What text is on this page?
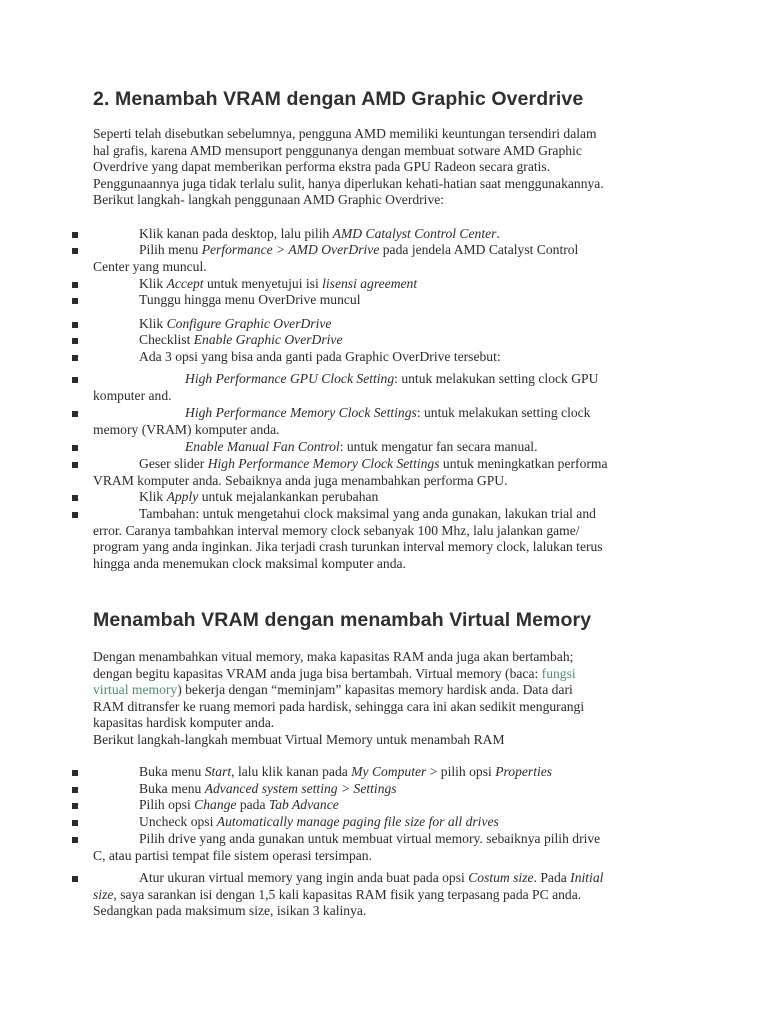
2. Menambah VRAM dengan AMD Graphic Overdrive
Seperti telah disebutkan sebelumnya, pengguna AMD memiliki keuntungan tersendiri dalam
hal grafis, karena AMD mensuport penggunanya dengan membuat sotware AMD Graphic
Overdrive yang dapat memberikan performa ekstra pada GPU Radeon secara gratis.
Penggunaannya juga tidak terlalu sulit, hanya diperlukan kehati-hatian saat menggunakannya.
Berikut langkah- langkah penggunaan AMD Graphic Overdrive:
Klik kanan pada desktop, lalu pilih AMD Catalyst Control Center.
Pilih menu Performance > AMD OverDrive pada jendela AMD Catalyst Control
Center yang muncul.
Klik Accept untuk menyetujui isi lisensi agreement
Tunggu hingga menu OverDrive muncul
Klik Configure Graphic OverDrive
Checklist Enable Graphic OverDrive
Ada 3 opsi yang bisa anda ganti pada Graphic OverDrive tersebut:
High Performance GPU Clock Setting: untuk melakukan setting clock GPU
komputer and.
High Performance Memory Clock Settings: untuk melakukan setting clock
memory (VRAM) komputer anda.
Enable Manual Fan Control: untuk mengatur fan secara manual.
Geser slider High Performance Memory Clock Settings untuk meningkatkan performa
VRAM komputer anda. Sebaiknya anda juga menambahkan performa GPU.
Klik Apply untuk mejalankankan perubahan
Tambahan: untuk mengetahui clock maksimal yang anda gunakan, lakukan trial and
error. Caranya tambahkan interval memory clock sebanyak 100 Mhz, lalu jalankan game/
program yang anda inginkan. Jika terjadi crash turunkan interval memory clock, lalukan terus
hingga anda menemukan clock maksimal komputer anda.
Menambah VRAM dengan menambah Virtual Memory
Dengan menambahkan vitual memory, maka kapasitas RAM anda juga akan bertambah;
dengan begitu kapasitas VRAM anda juga bisa bertambah. Virtual memory (baca: fungsi
virtual memory) bekerja dengan “meminjam” kapasitas memory hardisk anda. Data dari
RAM ditransfer ke ruang memori pada hardisk, sehingga cara ini akan sedikit mengurangi
kapasitas hardisk komputer anda.
Berikut langkah-langkah membuat Virtual Memory untuk menambah RAM
Buka menu Start, lalu klik kanan pada My Computer > pilih opsi Properties
Buka menu Advanced system setting > Settings
Pilih opsi Change pada Tab Advance
Uncheck opsi Automatically manage paging file size for all drives
Pilih drive yang anda gunakan untuk membuat virtual memory. sebaiknya pilih drive
C, atau partisi tempat file sistem operasi tersimpan.
Atur ukuran virtual memory yang ingin anda buat pada opsi Costum size. Pada Initial
size, saya sarankan isi dengan 1,5 kali kapasitas RAM fisik yang terpasang pada PC anda.
Sedangkan pada maksimum size, isikan 3 kalinya.
